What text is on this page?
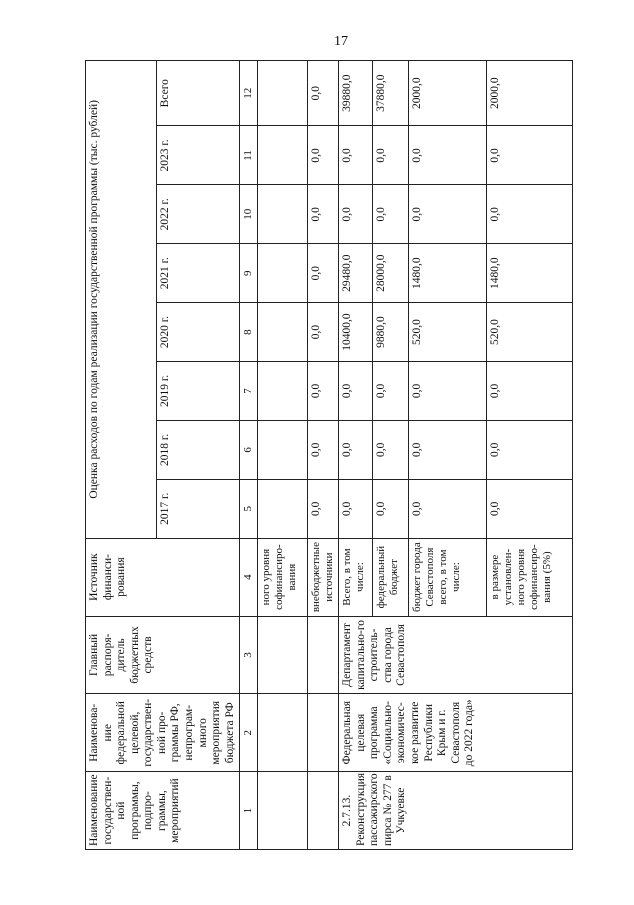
17
Наименование государствен-ной программы, подпро-граммы, мероприятий	Наименова-ние федеральной целевой, государствен-ной про-граммы РФ, непрограм-много мероприятия бюджета РФ	Главный распоря-дитель бюджетных средств	Источник финанси-рования	Оценка расходов по годам реализации государственной программы (тыс. рублей)							
				2017 г.	2018 г.	2019 г.	2020 г.	2021 г.	2022 г.	2023 г.	Всего
1	2	3	4	5	6	7	8	9	10	11	12
			ного уровня софинансиро-вания								
			внебюджетные источники	0,0	0,0	0,0	0,0	0,0	0,0	0,0	0,0
2.7.13. Реконструкция пассажирского пирса № 277 в Учкуевке	Федеральная целевая программа «Социально-экономичес-кое развитие Республики Крым и г. Севастополя до 2022 года»	Департамент капитально-го строитель-ства города Севастополя	Всего, в том числе:	0,0	0,0	0,0	10400,0	29480,0	0,0	0,0	39880,0
			федеральный бюджет	0,0	0,0	0,0	9880,0	28000,0	0,0	0,0	37880,0
			бюджет города Севастополя всего, в том числе:	0,0	0,0	0,0	520,0	1480,0	0,0	0,0	2000,0
			в размере установлен-ного уровня софинансиро-вания (5%)	0,0	0,0	0,0	520,0	1480,0	0,0	0,0	2000,0
